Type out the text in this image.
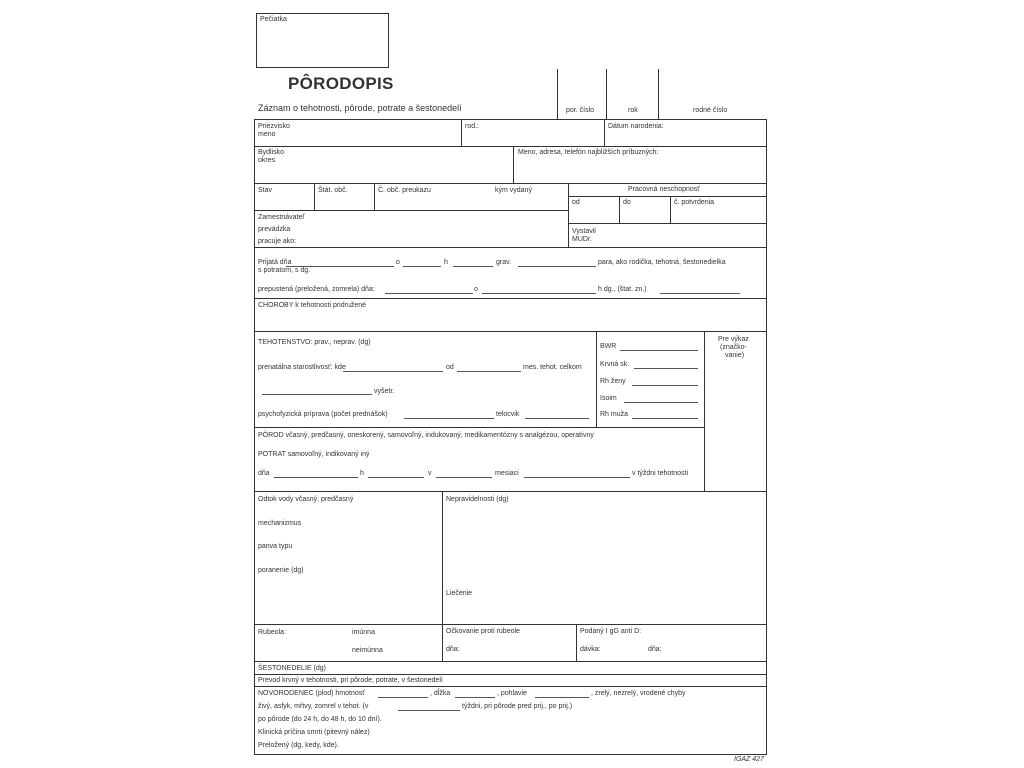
Pečiatka
PÔRODOPIS
Záznam o tehotnosti, pôrode, potrate a šestonedelí	por. číslo	rok	rodné číslo
Priezvisko
meno
rod.:	Dátum narodenia:
Bydlisko
okres
Meno, adresa, telefón najbližších príbuzných:
Stav	Štát. obč.	Č. obč. preukazu	kým vydaný	Pracovná neschopnosť
od	do	č. potvrdenia
Zamestnávateľ
prevádzka
pracuje ako:
Vystavil
MUDr.
Prijatá dňa	o	h	grav.	para, ako rodička, tehotná, šestonedielka
s potratom, s dg.
prepustená (preložená, zomrela) dňa:	o	h dg., (štat. zn.)
CHOROBY k tehotnosti pridružené
TEHOTENSTVO: prav., neprav. (dg)
prenatálna starostlivosť: kde	od	mes. tehot. celkom
vyšetr.
psychofyzická príprava (počet prednášok)	telocvik
BWR
Krvná sk.
Rh ženy
Isoim
Rh muža
Pre výkaz
(značko-
vanie)
PÔROD včasný, predčasný, oneskorený, samovoľný, indukovaný, medikamentózny s analgézou, operatívny
POTRAT samovoľný, indikovaný iný
dňa	h	v	mesiaci	v týždni tehotnosti
Odtok vody včasný, predčasný
mechanizmus
panva typu
poranenie (dg)
Nepravidelnosti (dg)
Liečenie
Rubeola:	imúnna
neimúnna
Očkovanie proti rubeole
dňa:
Podaný I gG anti D:
dávka:	dňa:
ŠESTONEDELIE (dg)
Prevod krvný v tehotnosti, pri pôrode, potrate, v šestonedelí
NOVORODENEC (plod) hmotnosť	, dĺžka	, pohlavie	, zrelý, nezrelý, vrodené chyby
živý, asfyk, mŕtvy, zomrel v tehot. (v	týždni, pri pôrode pred prij., po prij.)
po pôrode (do 24 h, do 48 h, do 10 dní).
Klinická príčina smrti (pitevný nález)
Preložený (dg, kedy, kde).
IGAZ 427
